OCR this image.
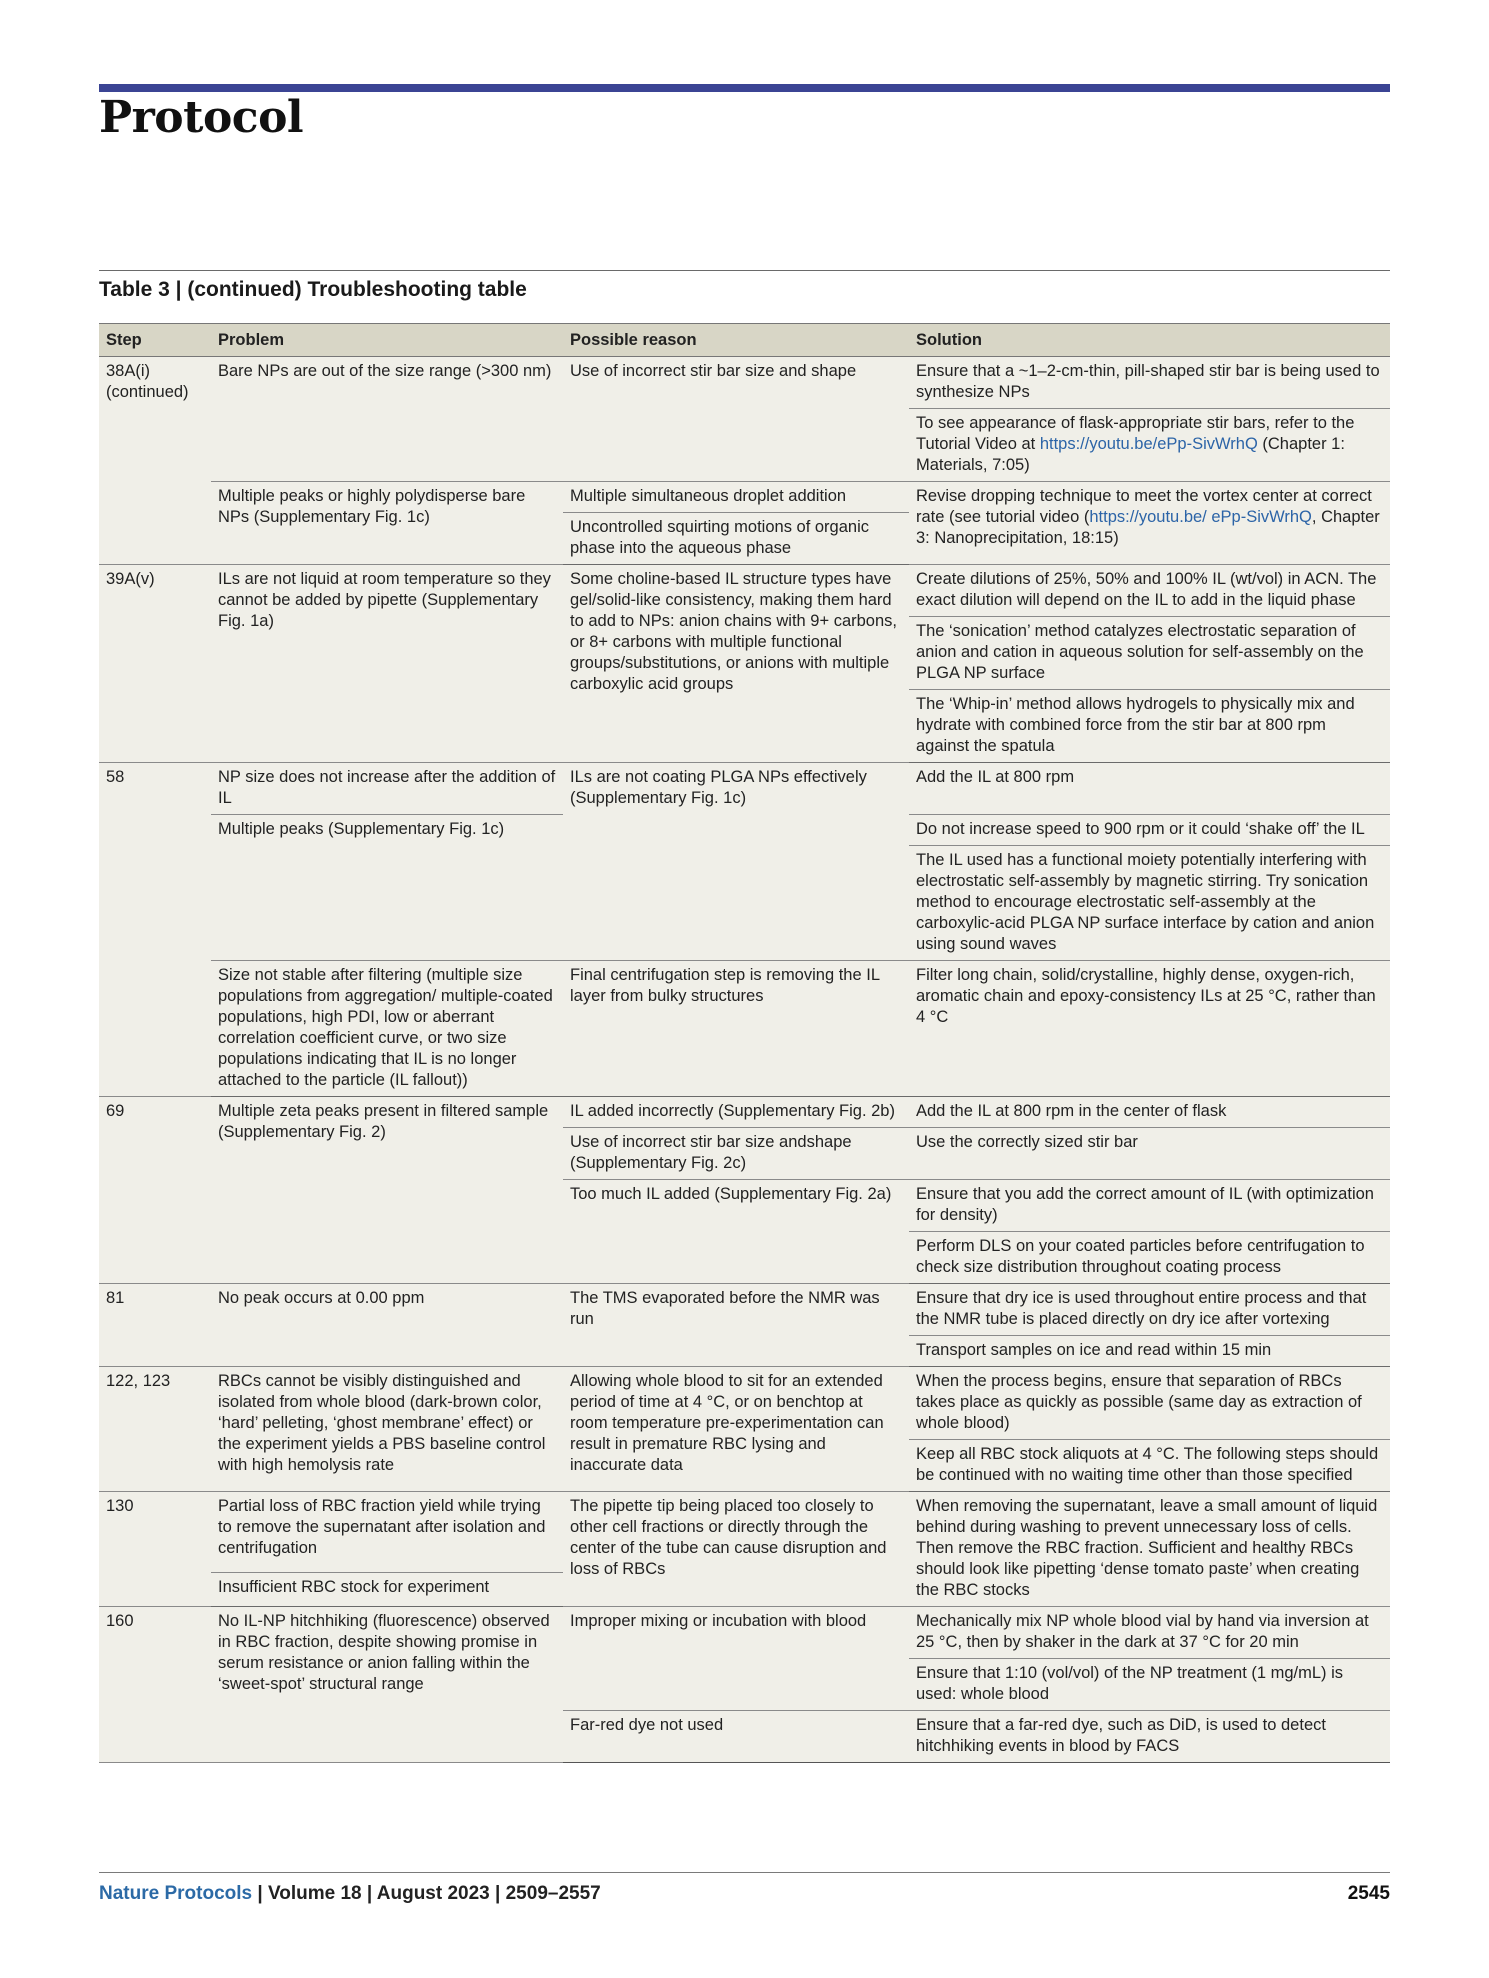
Protocol
Table 3 | (continued) Troubleshooting table
Step	Problem	Possible reason	Solution
38A(i) (continued)	Bare NPs are out of the size range (>300 nm)	Use of incorrect stir bar size and shape	Ensure that a ~1–2-cm-thin, pill-shaped stir bar is being used to synthesize NPs
			To see appearance of flask-appropriate stir bars, refer to the Tutorial Video at https://youtu.be/ePp-SivWrhQ (Chapter 1: Materials, 7:05)
	Multiple peaks or highly polydisperse bare NPs (Supplementary Fig. 1c)	Multiple simultaneous droplet addition	Revise dropping technique to meet the vortex center at correct rate (see tutorial video (https://youtu.be/ ePp-SivWrhQ, Chapter 3: Nanoprecipitation, 18:15)
		Uncontrolled squirting motions of organic phase into the aqueous phase	
39A(v)	ILs are not liquid at room temperature so they cannot be added by pipette (Supplementary Fig. 1a)	Some choline-based IL structure types have gel/solid-like consistency, making them hard to add to NPs: anion chains with 9+ carbons, or 8+ carbons with multiple functional groups/substitutions, or anions with multiple carboxylic acid groups	Create dilutions of 25%, 50% and 100% IL (wt/vol) in ACN. The exact dilution will depend on the IL to add in the liquid phase
			The ‘sonication’ method catalyzes electrostatic separation of anion and cation in aqueous solution for self-assembly on the PLGA NP surface
			The ‘Whip-in’ method allows hydrogels to physically mix and hydrate with combined force from the stir bar at 800 rpm against the spatula
58	NP size does not increase after the addition of IL	ILs are not coating PLGA NPs effectively (Supplementary Fig. 1c)	Add the IL at 800 rpm
	Multiple peaks (Supplementary Fig. 1c)		Do not increase speed to 900 rpm or it could ‘shake off’ the IL
			The IL used has a functional moiety potentially interfering with electrostatic self-assembly by magnetic stirring. Try sonication method to encourage electrostatic self-assembly at the carboxylic-acid PLGA NP surface interface by cation and anion using sound waves
	Size not stable after filtering (multiple size populations from aggregation/ multiple-coated populations, high PDI, low or aberrant correlation coefficient curve, or two size populations indicating that IL is no longer attached to the particle (IL fallout))	Final centrifugation step is removing the IL layer from bulky structures	Filter long chain, solid/crystalline, highly dense, oxygen-rich, aromatic chain and epoxy-consistency ILs at 25 °C, rather than 4 °C
69	Multiple zeta peaks present in filtered sample (Supplementary Fig. 2)	IL added incorrectly (Supplementary Fig. 2b)	Add the IL at 800 rpm in the center of flask
		Use of incorrect stir bar size andshape (Supplementary Fig. 2c)	Use the correctly sized stir bar
		Too much IL added (Supplementary Fig. 2a)	Ensure that you add the correct amount of IL (with optimization for density)
			Perform DLS on your coated particles before centrifugation to check size distribution throughout coating process
81	No peak occurs at 0.00 ppm	The TMS evaporated before the NMR was run	Ensure that dry ice is used throughout entire process and that the NMR tube is placed directly on dry ice after vortexing
			Transport samples on ice and read within 15 min
122, 123	RBCs cannot be visibly distinguished and isolated from whole blood (dark-brown color, ‘hard’ pelleting, ‘ghost membrane’ effect) or the experiment yields a PBS baseline control with high hemolysis rate	Allowing whole blood to sit for an extended period of time at 4 °C, or on benchtop at room temperature pre-experimentation can result in premature RBC lysing and inaccurate data	When the process begins, ensure that separation of RBCs takes place as quickly as possible (same day as extraction of whole blood)
			Keep all RBC stock aliquots at 4 °C. The following steps should be continued with no waiting time other than those specified
130	Partial loss of RBC fraction yield while trying to remove the supernatant after isolation and centrifugation	The pipette tip being placed too closely to other cell fractions or directly through the center of the tube can cause disruption and loss of RBCs	When removing the supernatant, leave a small amount of liquid behind during washing to prevent unnecessary loss of cells. Then remove the RBC fraction. Sufficient and healthy RBCs should look like pipetting ‘dense tomato paste’ when creating the RBC stocks
	Insufficient RBC stock for experiment		
160	No IL-NP hitchhiking (fluorescence) observed in RBC fraction, despite showing promise in serum resistance or anion falling within the ‘sweet-spot’ structural range	Improper mixing or incubation with blood	Mechanically mix NP whole blood vial by hand via inversion at 25 °C, then by shaker in the dark at 37 °C for 20 min
			Ensure that 1:10 (vol/vol) of the NP treatment (1 mg/mL) is used: whole blood
		Far-red dye not used	Ensure that a far-red dye, such as DiD, is used to detect hitchhiking events in blood by FACS
Nature Protocols | Volume 18 | August 2023 | 2509–2557	2545
